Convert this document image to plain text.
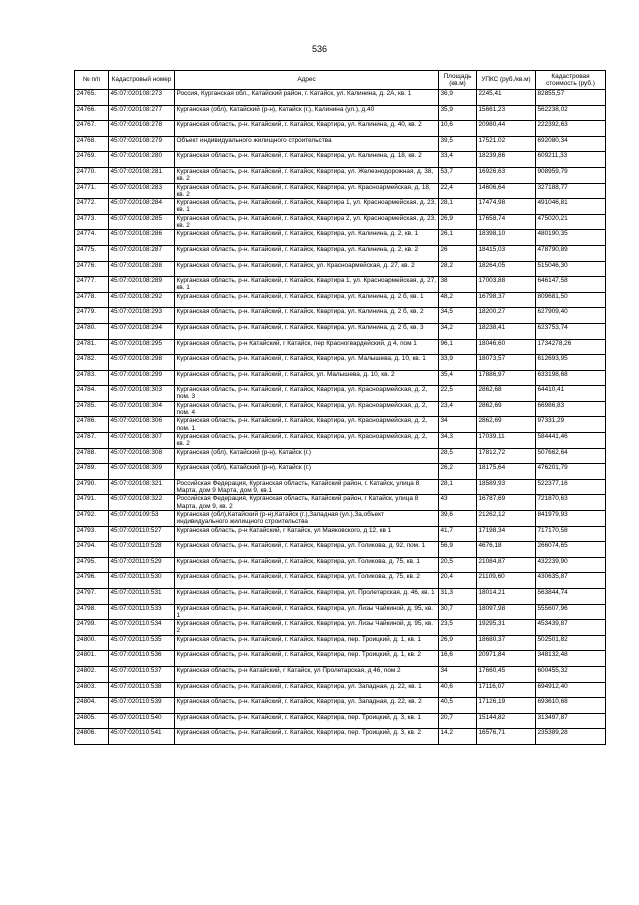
536
№ п/п	Кадастровый номер	Адрес	Площадь (кв.м)	УПКС (руб./кв.м)	Кадастровая стоимость (руб.)
24765.	45:07:020108:273	Россия, Курганская обл., Катайский район, г. Катайск, ул. Калинина, д. 2А, кв. 1	36,9	2245,41	82855,57
24766.	45:07:020108:277	Курганская (обл), Катайский (р-н), Катайск (г.), Калинина (ул.), д.40	35,9	15661,23	562238,02
24767.	45:07:020108:278	Курганская область, р-н. Катайский, г. Катайск, Квартира, ул. Калинина, д. 40, кв. 2	10,6	20980,44	222392,63
24768.	45:07:020108:279	Объект индивидуального жилищного строительства	39,5	17521,02	692080,34
24769.	45:07:020108:280	Курганская область, р-н. Катайский, г. Катайск, Квартира, ул. Калинина, д. 18, кв. 2	33,4	18239,86	609211,33
24770.	45:07:020108:281	Курганская область, р-н. Катайский, г. Катайск, Квартира, ул. Железнодорожная, д. 38, кв. 2	53,7	16926,63	908959,79
24771.	45:07:020108:283	Курганская область, р-н. Катайский, г. Катайск, Квартира, ул. Красноармейская, д. 18, кв. 2	22,4	14606,64	327188,77
24772.	45:07:020108:284	Курганская область, р-н. Катайский, г. Катайск, Квартира 1, ул. Красноармейская, д. 23, кв. 1	28,1	17474,98	491046,81
24773.	45:07:020108:285	Курганская область, р-н. Катайский, г. Катайск, Квартира 2, ул. Красноармейская, д. 23, кв. 2	26,9	17658,74	475020,21
24774.	45:07:020108:286	Курганская область, р-н. Катайский, г. Катайск, Квартира, ул. Калинина, д. 2, кв. 1	26,1	18398,10	480190,35
24775.	45:07:020108:287	Курганская область, р-н. Катайский, г. Катайск, Квартира, ул. Калинина, д. 2, кв. 2	26	18415,03	478790,89
24776.	45:07:020108:288	Курганская область, р-н. Катайский, г. Катайск, ул. Красноармейская, д. 27, кв. 2	28,2	18264,05	515046,30
24777.	45:07:020108:289	Курганская область, р-н. Катайский, г. Катайск, Квартира 1, ул. Красноармейская, д. 27, кв. 1	38	17003,88	646147,58
24778.	45:07:020108:292	Курганская область, р-н. Катайский, г. Катайск, Квартира, ул. Калинина, д. 2 б, кв. 1	48,2	16798,37	809681,50
24779.	45:07:020108:293	Курганская область, р-н. Катайский, г. Катайск, Квартира, ул. Калинина, д. 2 б, кв. 2	34,5	18200,27	627909,40
24780.	45:07:020108:294	Курганская область, р-н. Катайский, г. Катайск, Квартира, ул. Калинина, д. 2 б, кв. 3	34,2	18238,41	623753,74
24781.	45:07:020108:295	Курганская область, р-н Катайский, г Катайск, пер Красногвардейский, д 4, пом 1	96,1	18046,60	1734278,26
24782.	45:07:020108:298	Курганская область, р-н. Катайский, г. Катайск, Квартира, ул. Малышева, д. 10, кв. 1	33,9	18073,57	612693,95
24783.	45:07:020108:299	Курганская область, р-н. Катайский, г. Катайск, ул. Малышева, д. 10, кв. 2	35,4	17886,97	633198,68
24784.	45:07:020108:303	Курганская область, р-н. Катайский, г. Катайск, Квартира, ул. Красноармейская, д. 2, пом. 3	22,5	2862,68	64410,41
24785.	45:07:020108:304	Курганская область, р-н. Катайский, г. Катайск, Квартира, ул. Красноармейская, д. 2, пом. 4	23,4	2862,69	66986,83
24786.	45:07:020108:306	Курганская область, р-н. Катайский, г. Катайск, Квартира, ул. Красноармейская, д. 2, пом. 1	34	2862,69	97331,29
24787.	45:07:020108:307	Курганская область, р-н. Катайский, г. Катайск, Квартира, ул. Красноармейская, д. 2, кв. 2	34,3	17039,11	584441,46
24788.	45:07:020108:308	Курганская (обл), Катайский (р-н), Катайск (г.)	28,5	17812,72	507662,64
24789.	45:07:020108:309	Курганская (обл), Катайский (р-н), Катайск (г.)	26,2	18175,64	476201,79
24790.	45:07:020108:321	Российская Федерация, Курганская область, Катайский район, г. Катайск, улица 8 Марта, дом 9 Марта, дом 9, кв.1	28,1	18589,93	522377,16
24791.	45:07:020108:322	Российская Федерация, Курганская область, Катайский район, г Катайск, улица 8 Марта, дом 9, кв. 2	43	16787,69	721870,63
24792.	45:07:020109:53	Курганская (обл),Катайский (р-н),Катайск (г.),Западная (ул.),За,объект индивидуального жилищного строительства	39,6	21262,12	841979,93
24793.	45:07:020110:527	Курганская область, р-н Катайский, г Катайск, ул Маяковского, д 12, кв 1	41,7	17198,34	717170,58
24794.	45:07:020110:528	Курганская область, р-н. Катайский, г. Катайск, Квартира, ул. Голикова, д. 92, пом. 1	56,9	4676,18	266074,65
24795.	45:07:020110:529	Курганская область, р-н. Катайский, г. Катайск, Квартира, ул. Голикова, д. 75, кв. 1	20,5	21084,87	432239,90
24796.	45:07:020110:530	Курганская область, р-н. Катайский, г. Катайск, Квартира, ул. Голикова, д. 75, кв. 2	20,4	21109,60	430635,87
24797.	45:07:020110:531	Курганская область, р-н. Катайский, г. Катайск, Квартира, ул. Пролетарская, д. 46, кв. 1	31,3	18014,21	563844,74
24798.	45:07:020110:533	Курганская область, р-н. Катайский, г. Катайск, Квартира, ул. Лизы Чайкиной, д. 95, кв. 1	30,7	18097,98	555607,96
24799.	45:07:020110:534	Курганская область, р-н. Катайский, г. Катайск, Квартира, ул. Лизы Чайкиной, д. 95, кв. 2	23,5	19295,31	453439,87
24800.	45:07:020110:535	Курганская область, р-н. Катайский, г. Катайск, Квартира, пер. Троицкий, д. 1, кв. 1	26,9	18680,37	502501,82
24801.	45:07:020110:536	Курганская область, р-н. Катайский, г. Катайск, Квартира, пер. Троицкий, д. 1, кв. 2	16,6	20971,84	348132,48
24802.	45:07:020110:537	Курганская область, р-н Катайский, г Катайск, ул Пролетарская, д 46, пом 2	34	17660,45	600455,32
24803.	45:07:020110:538	Курганская область, р-н. Катайский, г. Катайск, Квартира, ул. Западная, д. 22, кв. 1	40,6	17116,07	694912,40
24804.	45:07:020110:539	Курганская область, р-н. Катайский, г. Катайск, Квартира, ул. Западная, д. 22, кв. 2	40,5	17126,19	693610,68
24805.	45:07:020110:540	Курганская область, р-н. Катайский, г. Катайск, Квартира, пер. Троицкий, д. 3, кв. 1	20,7	15144,82	313497,87
24806.	45:07:020110:541	Курганская область, р-н. Катайский, г. Катайск, Квартира, пер. Троицкий, д. 3, кв. 2	14,2	16576,71	235389,28
